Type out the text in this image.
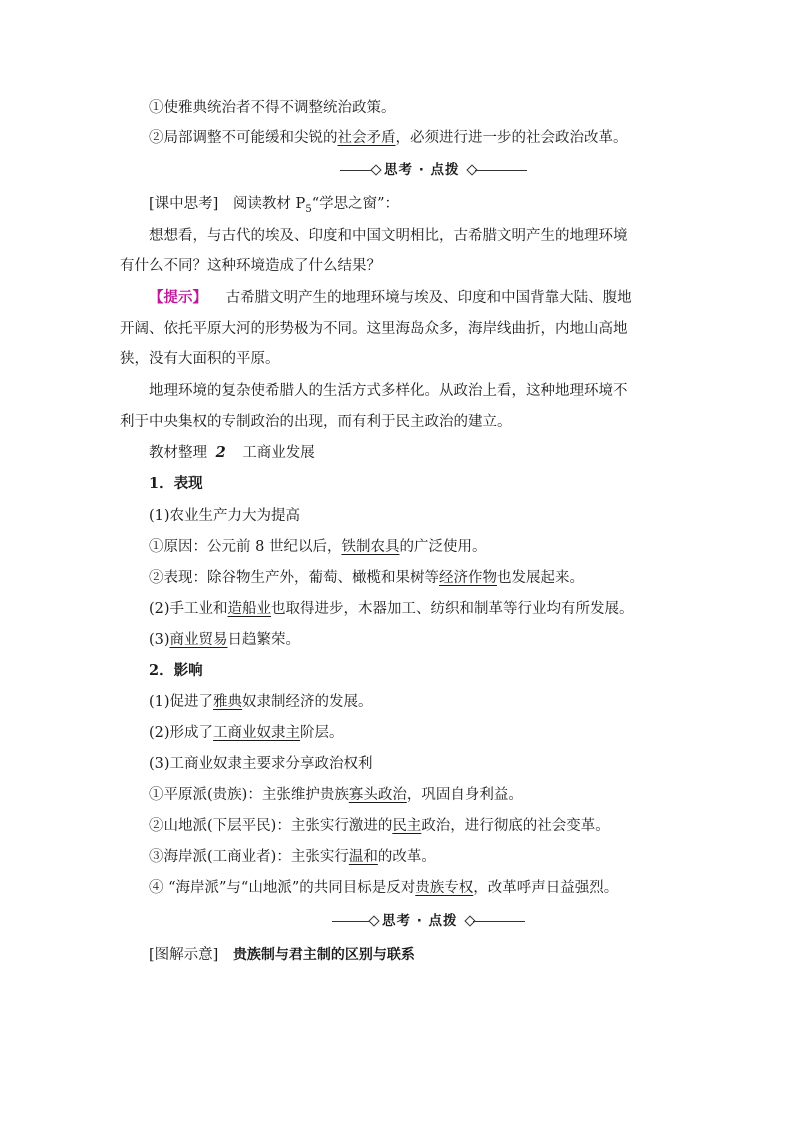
①使雅典统治者不得不调整统治政策。
②局部调整不可能缓和尖锐的社会矛盾，必须进行进一步的社会政治改革。
思考 · 点拨
[课中思考] 阅读教材 $P_5“$学思之窗”：
想想看，与古代的埃及、印度和中国文明相比，古希腊文明产生的地理环境
有什么不同？这种环境造成了什么结果？
【提示】 古希腊文明产生的地理环境与埃及、印度和中国背靠大陆、腹地
开阔、依托平原大河的形势极为不同。这里海岛众多，海岸线曲折，内地山高地
狭，没有大面积的平原。
地理环境的复杂使希腊人的生活方式多样化。从政治上看，这种地理环境不
利于中央集权的专制政治的出现，而有利于民主政治的建立。
教材整理 2 工商业发展
1．表现
(1)农业生产力大为提高
①原因：公元前 8 世纪以后，铁制农具的广泛使用。
②表现：除谷物生产外，葡萄、橄榄和果树等经济作物也发展起来。
(2)手工业和造船业也取得进步，木器加工、纺织和制革等行业均有所发展。
(3)商业贸易日趋繁荣。
2．影响
(1)促进了雅典奴隶制经济的发展。
(2)形成了工商业奴隶主阶层。
(3)工商业奴隶主要求分享政治权利
①平原派(贵族)：主张维护贵族寡头政治，巩固自身利益。
②山地派(下层平民)：主张实行激进的民主政治，进行彻底的社会变革。
③海岸派(工商业者)：主张实行温和的改革。
④ “海岸派”与“山地派”的共同目标是反对贵族专权，改革呼声日益强烈。
思考 · 点拨
[图解示意] 贵族制与君主制的区别与联系
